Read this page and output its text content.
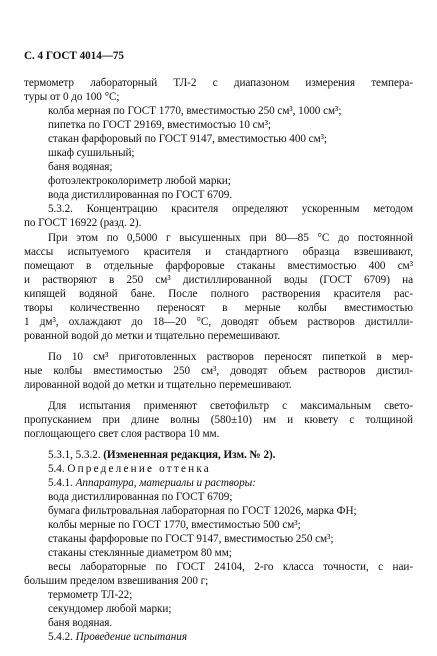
С. 4 ГОСТ 4014—75
термометр лабораторный ТЛ-2 с диапазоном измерения темпера-
туры от 0 до 100 °С;
колба мерная по ГОСТ 1770, вместимостью 250 см³, 1000 см³;
пипетка по ГОСТ 29169, вместимостью 10 см³;
стакан фарфоровый по ГОСТ 9147, вместимостью 400 см³;
шкаф сушильный;
баня водяная;
фотоэлектроколориметр любой марки;
вода дистиллированная по ГОСТ 6709.
5.3.2. Концентрацию красителя определяют ускоренным методом
по ГОСТ 16922 (разд. 2).
При этом по 0,5000 г высушенных при 80—85 °С до постоянной
массы испытуемого красителя и стандартного образца взвешивают,
помещают в отдельные фарфоровые стаканы вместимостью 400 см³
и растворяют в 250 см³ дистиллированной воды (ГОСТ 6709) на
кипящей водяной бане. После полного растворения красителя рас-
творы количественно переносят в мерные колбы вместимостью
1 дм³, охлаждают до 18—20 °С, доводят объем растворов дистилли-
рованной водой до метки и тщательно перемешивают.
По 10 см³ приготовленных растворов переносят пипеткой в мер-
ные колбы вместимостью 250 см³, доводят объем растворов дистил-
лированной водой до метки и тщательно перемешивают.
Для испытания применяют светофильтр с максимальным свето-
пропусканием при длине волны (580±10) нм и кювету с толщиной
поглощающего свет слоя раствора 10 мм.
5.3.1, 5.3.2. (Измененная редакция, Изм. № 2).
5.4. Определение оттенка
5.4.1. Аппаратура, материалы и растворы:
вода дистиллированная по ГОСТ 6709;
бумага фильтровальная лабораторная по ГОСТ 12026, марка ФН;
колбы мерные по ГОСТ 1770, вместимостью 500 см³;
стаканы фарфоровые по ГОСТ 9147, вместимостью 250 см³;
стаканы стеклянные диаметром 80 мм;
весы лабораторные по ГОСТ 24104, 2-го класса точности, с наи-
большим пределом взвешивания 200 г;
термометр ТЛ-22;
секундомер любой марки;
баня водяная.
5.4.2. Проведение испытания
